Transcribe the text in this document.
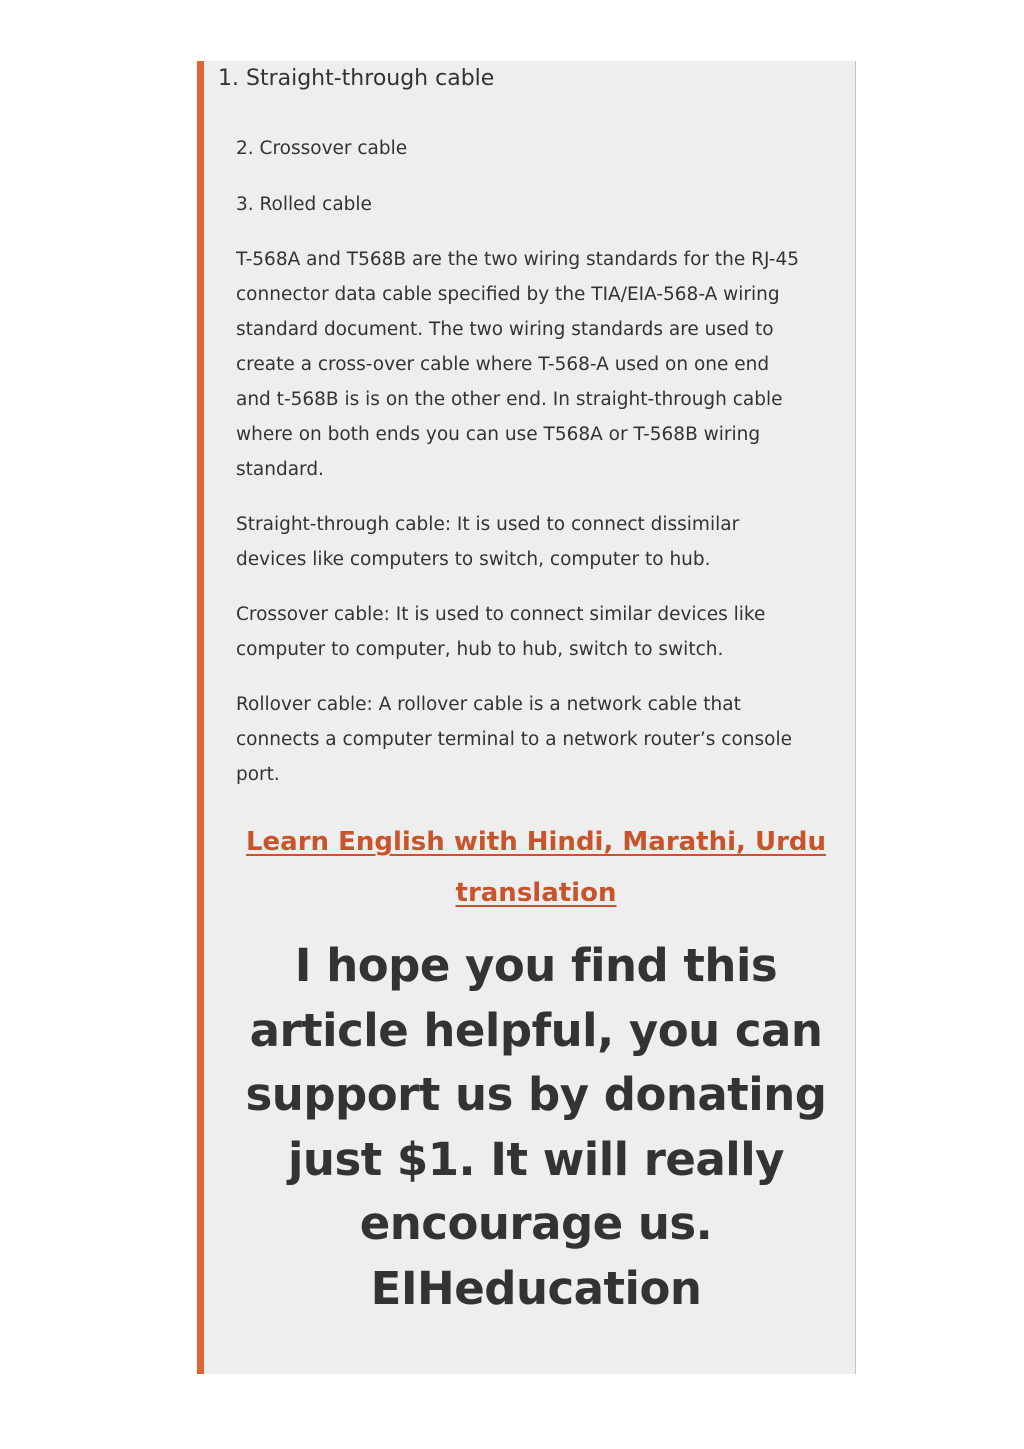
1. Straight-through cable

2. Crossover cable

3. Rolled cable

T-568A and T568B are the two wiring standards for the RJ-45
connector data cable specified by the TIA/EIA-568-A wiring
standard document. The two wiring standards are used to
create a cross-over cable where T-568-A used on one end
and t-568B is is on the other end. In straight-through cable
where on both ends you can use T568A or T-568B wiring
standard.

Straight-through cable: It is used to connect dissimilar
devices like computers to switch, computer to hub.

Crossover cable: It is used to connect similar devices like
computer to computer, hub to hub, switch to switch.

Rollover cable: A rollover cable is a network cable that
connects a computer terminal to a network router’s console
port.

Learn English with Hindi, Marathi, Urdu
translation

I hope you find this
article helpful, you can
support us by donating
just $1. It will really
encourage us.
EIHeducation
